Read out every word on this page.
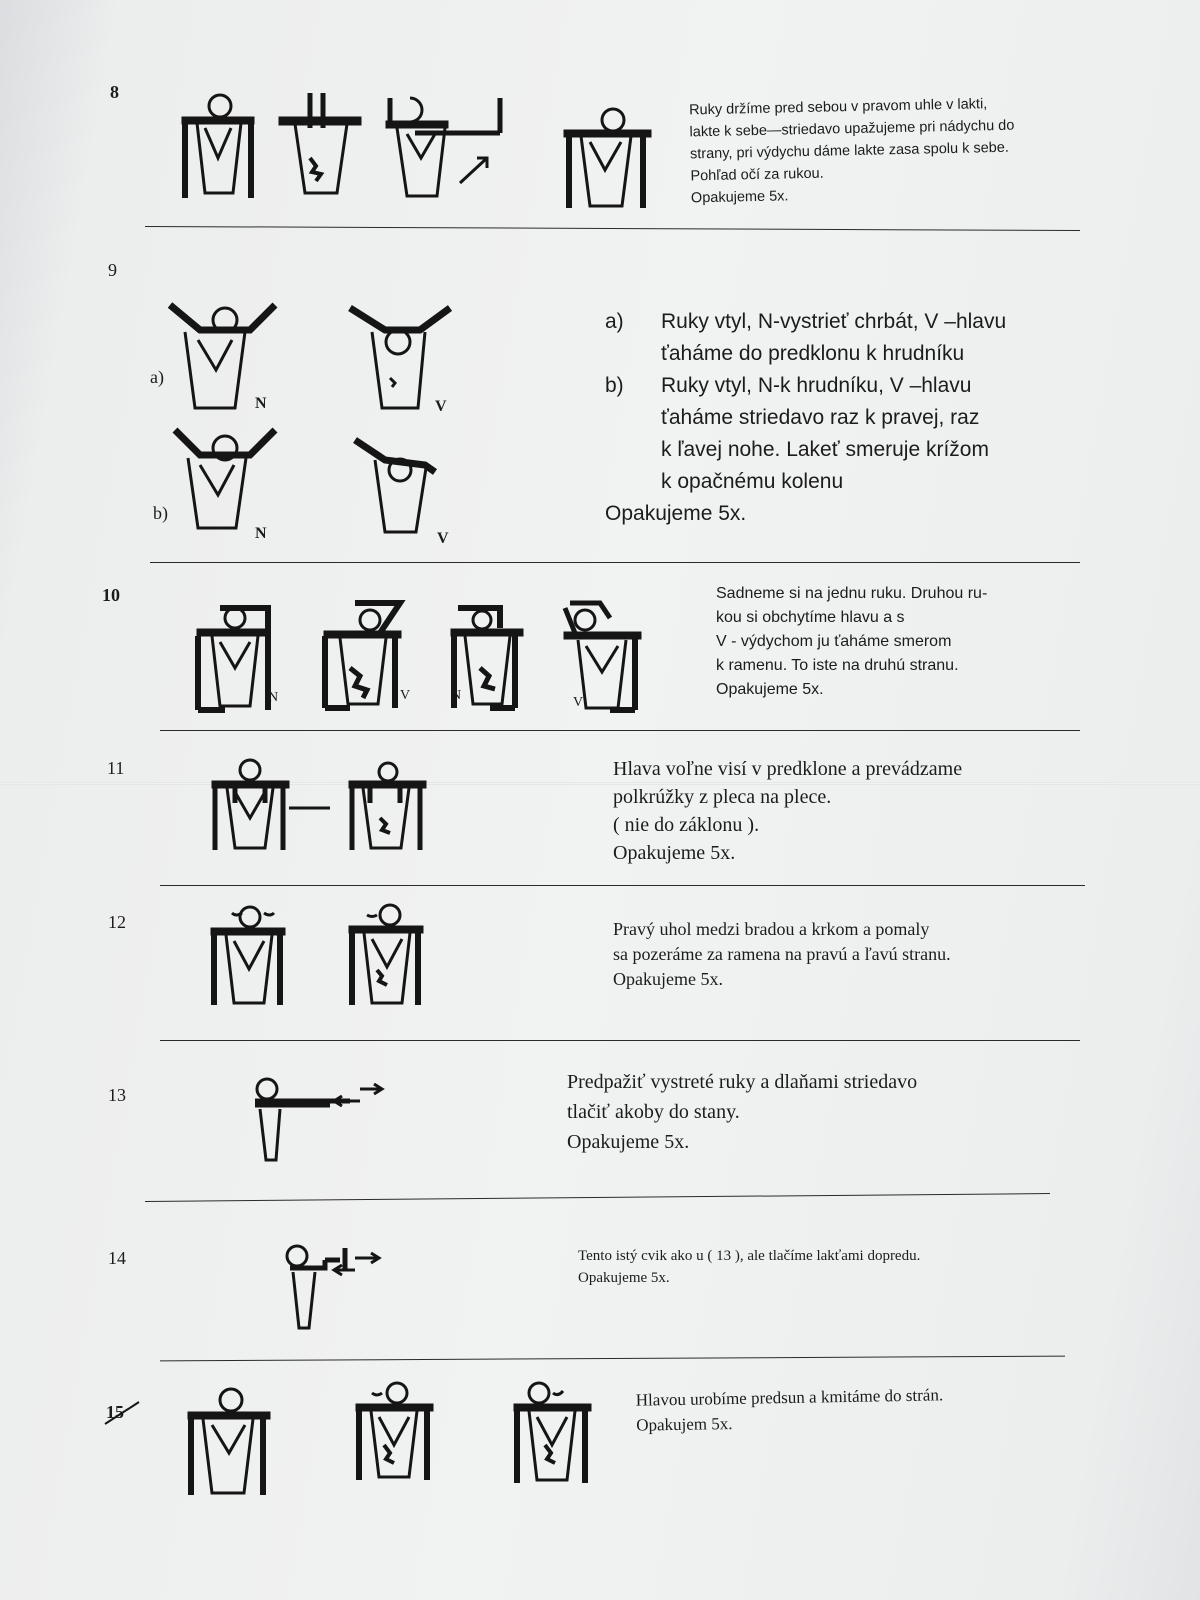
8
Ruky držíme pred sebou v pravom uhle v lakti,
lakte k sebe—striedavo upažujeme pri nádychu do
strany, pri výdychu dáme lakte zasa spolu k sebe.
Pohľad očí za rukou.
Opakujeme 5x.
9
a)
N	V
b)
N	V
a) Ruky vtyl, N-vystrieť chrbát, V –hlavu
ťaháme do predklonu k hrudníku
b) Ruky vtyl, N-k hrudníku, V –hlavu
ťaháme striedavo raz k pravej, raz
k ľavej nohe. Lakeť smeruje krížom
k opačnému kolenu
Opakujeme 5x.
10
N	V	N	V
Sadneme si na jednu ruku. Druhou ru-
kou si obchytíme hlavu a s
V - výdychom ju ťaháme smerom
k ramenu. To iste na druhú stranu.
Opakujeme 5x.
11	Hlava voľne visí v predklone a prevádzame
polkrúžky z pleca na plece.
( nie do záklonu ).
Opakujeme 5x.
12	Pravý uhol medzi bradou a krkom a pomaly
sa pozeráme za ramena na pravú a ľavú stranu.
Opakujeme 5x.
13
Predpažiť vystreté ruky a dlaňami striedavo
tlačiť akoby do stany.
Opakujeme 5x.
14	Tento istý cvik ako u ( 13 ), ale tlačíme lakťami dopredu.
Opakujeme 5x.
15
Hlavou urobíme predsun a kmitáme do strán.
Opakujem 5x.
